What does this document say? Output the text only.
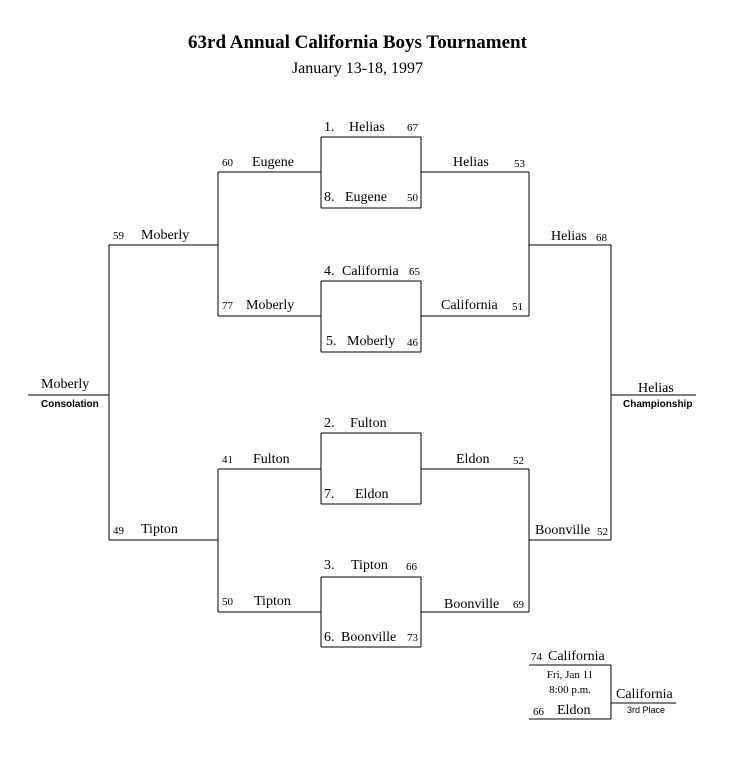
63rd Annual California Boys Tournament
January 13-18, 1997
1. Helias 67
8. Eugene 50
4. California 65
5. Moberly 46
2. Fulton
7. Eldon
3. Tipton 66
6. Boonville 73
60 Eugene
77 Moberly
41 Fulton
50 Tipton
59 Moberly
49 Tipton
Moberly
Consolation
Helias 53
California 51
Eldon 52
Boonville 69
Helias 68
Boonville 52
Helias
Championship
74 California
Fri, Jan 11
8:00 p.m.
66 Eldon
California
3rd Place
